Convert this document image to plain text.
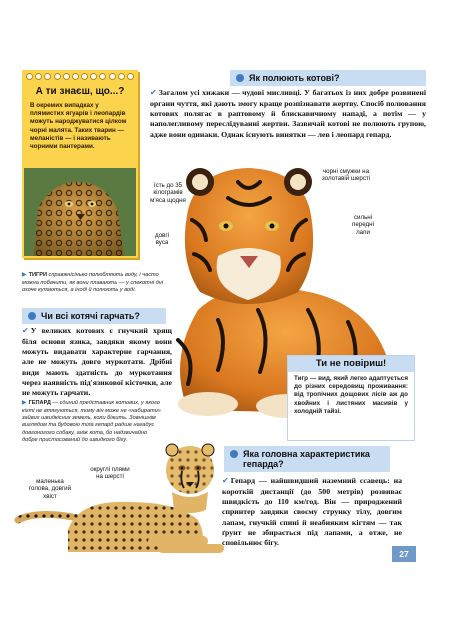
А ти знаєш, що...?
В окремих випадках у плямистих ягуарів і леопардів можуть народжуватися цілком чорні малята. Таких тварин — меланістів — і називають чорними пантерами.
Як полюють котові?
✔ Загалом усі хижаки — чудові мисливці. У багатьох із них добре розвинені органи чуття, які дають змогу краще розпізнавати жертву. Спосіб полювання котових полягає в раптовому й блискавичному нападі, а потім — у наполегливому переслідуванні жертви. Зазвичай котові не полюють групою, адже вони одинаки. Однак існують винятки — лев і леопард гепард.
їсть до 35 кілограмів м'яса щодня
довгі вуса
чорні смужки на золотавій шерсті
сильні передні лапи
▶ ТИГРИ справжнісінько полюбляють воду, і часто можна побачити, як вони плавають — у спекотні дні охоче купаються, а іноді й полюють у воді.
Чи всі котячі гарчать?
✔ У великих котових є гнучкий хрящ біля основи язика, завдяки якому вони можуть видавати характерне гарчання, але не можуть довго муркотати. Дрібні види мають здатність до муркотання через наявність під'язикової кісточки, але не можуть гарчати.
Ти не повіриш!
Тигр — вид, який легко адаптується до різних середовищ проживання: від тропічних дощових лісів аж до хвойних і листяних масивів у холодній тайзі.
▶ ГЕПАРД — єдиний представник котових, у якого кігті не втягуються, тому він може не «набирати» зайвих швидкісних земель, коли біжить. Зовнішнім виглядом та будовою тіла гепард радше нагадує довгоногого собаку, аніж кота, бо надзвичайно добре пристосований до швидкого бігу.
маленька голова, довгий хвіст
округлі плями на шерсті
Яка головна характеристика
гепарда?
✔ Гепард — найшвидший наземний ссавець: на короткій дистанції (до 500 метрів) розвиває швидкість до 110 км/год. Він — природжений спринтер завдяки своєму струнку тілу, довгим лапам, гнучкій спині й неабияким кігтям — так ґрунт не збирається під лапами, а отже, не сповільнює бігу.
27
